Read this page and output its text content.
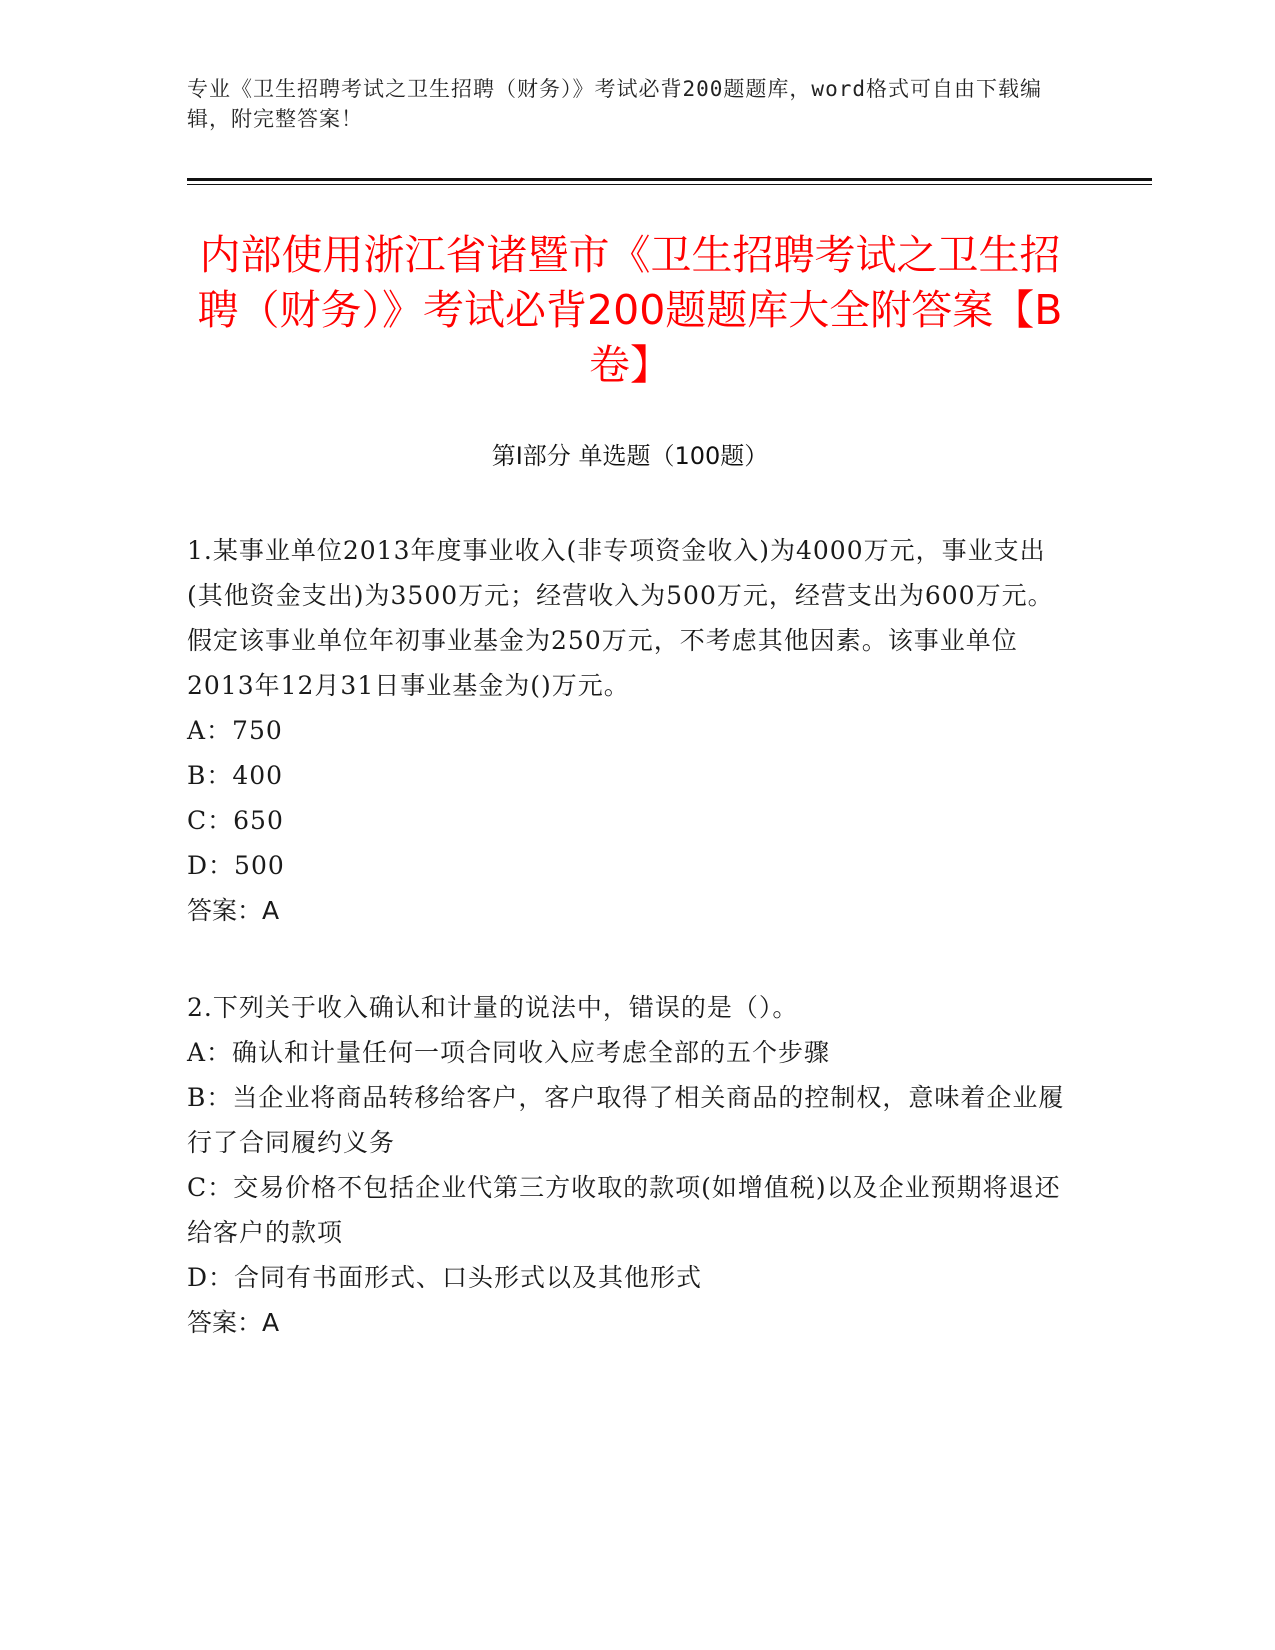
专业《卫生招聘考试之卫生招聘（财务）》考试必背200题题库，word格式可自由下载编辑，附完整答案！
内部使用浙江省诸暨市《卫生招聘考试之卫生招聘（财务）》考试必背200题题库大全附答案【B卷】
第Ⅰ部分 单选题（100题）
1.某事业单位2013年度事业收入(非专项资金收入)为4000万元，事业支出(其他资金支出)为3500万元；经营收入为500万元，经营支出为600万元。假定该事业单位年初事业基金为250万元，不考虑其他因素。该事业单位2013年12月31日事业基金为()万元。
A：750
B：400
C：650
D：500
答案：A
2.下列关于收入确认和计量的说法中，错误的是（）。
A：确认和计量任何一项合同收入应考虑全部的五个步骤
B：当企业将商品转移给客户，客户取得了相关商品的控制权，意味着企业履行了合同履约义务
C：交易价格不包括企业代第三方收取的款项(如增值税)以及企业预期将退还给客户的款项
D：合同有书面形式、口头形式以及其他形式
答案：A
